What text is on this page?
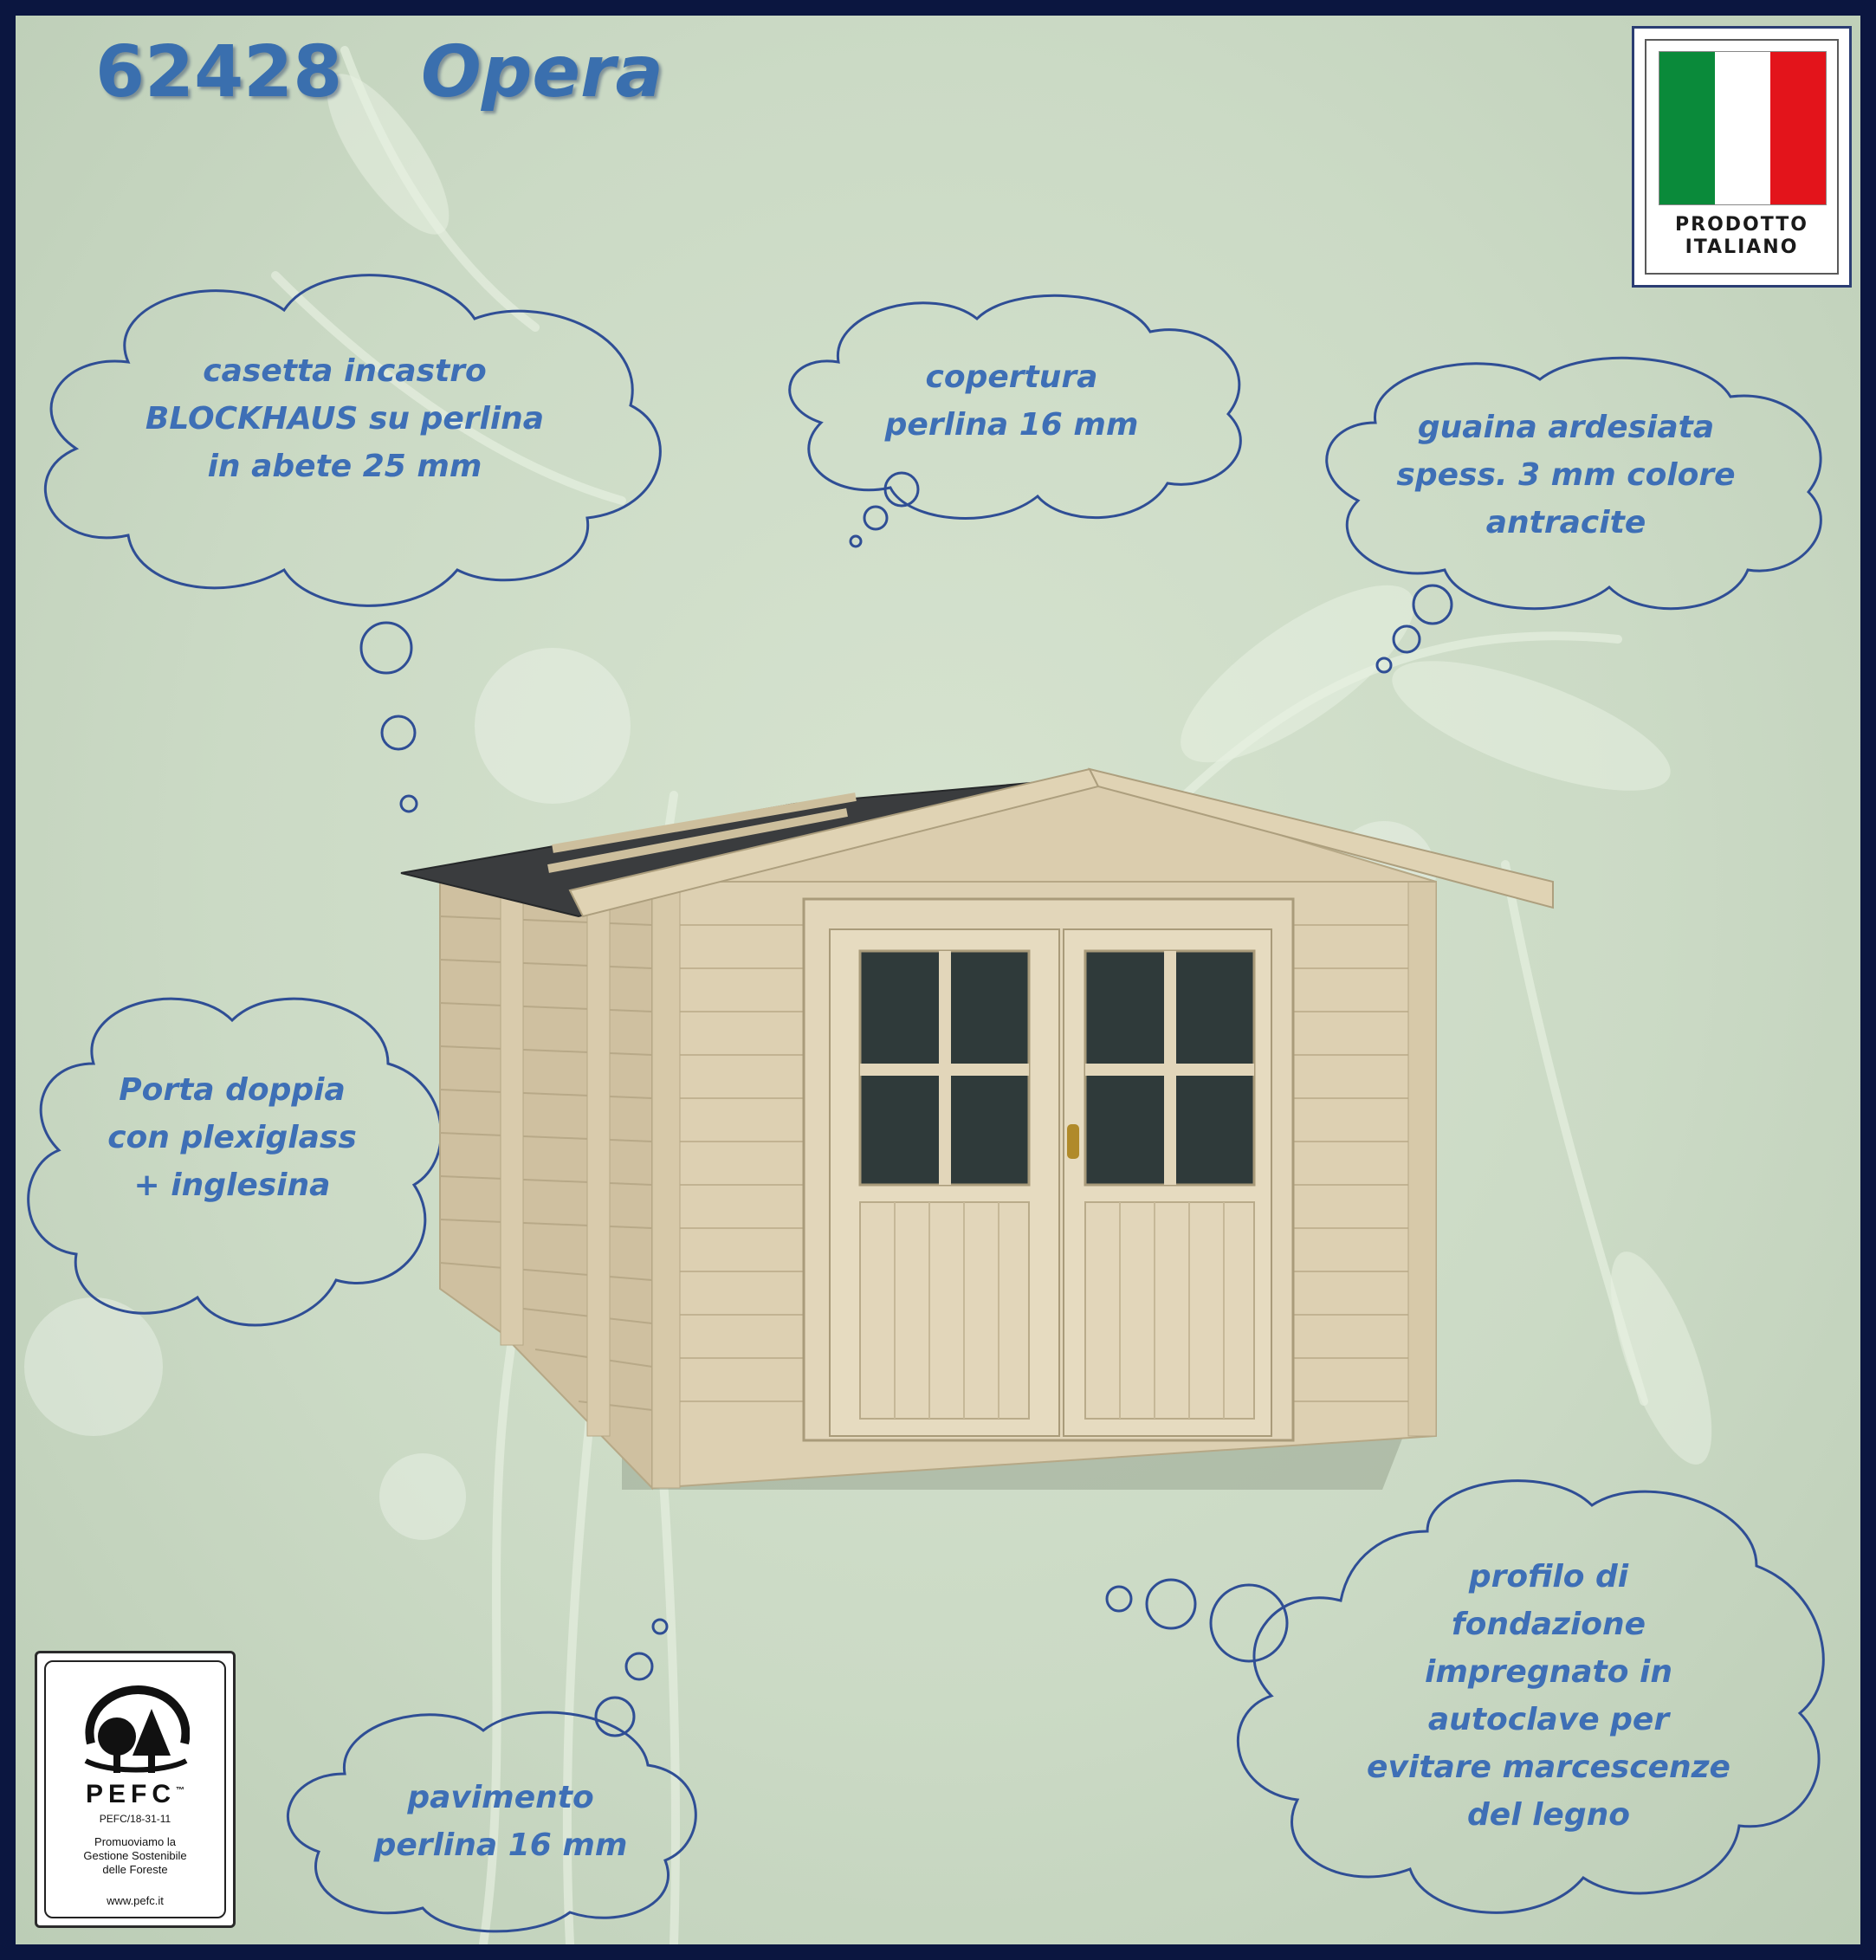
62428 Opera
PRODOTTO
ITALIANO
casetta incastro
BLOCKHAUS su perlina
in abete 25 mm
copertura
perlina 16 mm	guaina ardesiata
spess. 3 mm colore
antracite
Porta doppia
con plexiglass
+ inglesina
pavimento
perlina 16 mm
profilo di
fondazione
impregnato in
autoclave per
evitare marcescenze
del legno
PEFC™
PEFC/18-31-11
Promuoviamo la
Gestione Sostenibile
delle Foreste
www.pefc.it
